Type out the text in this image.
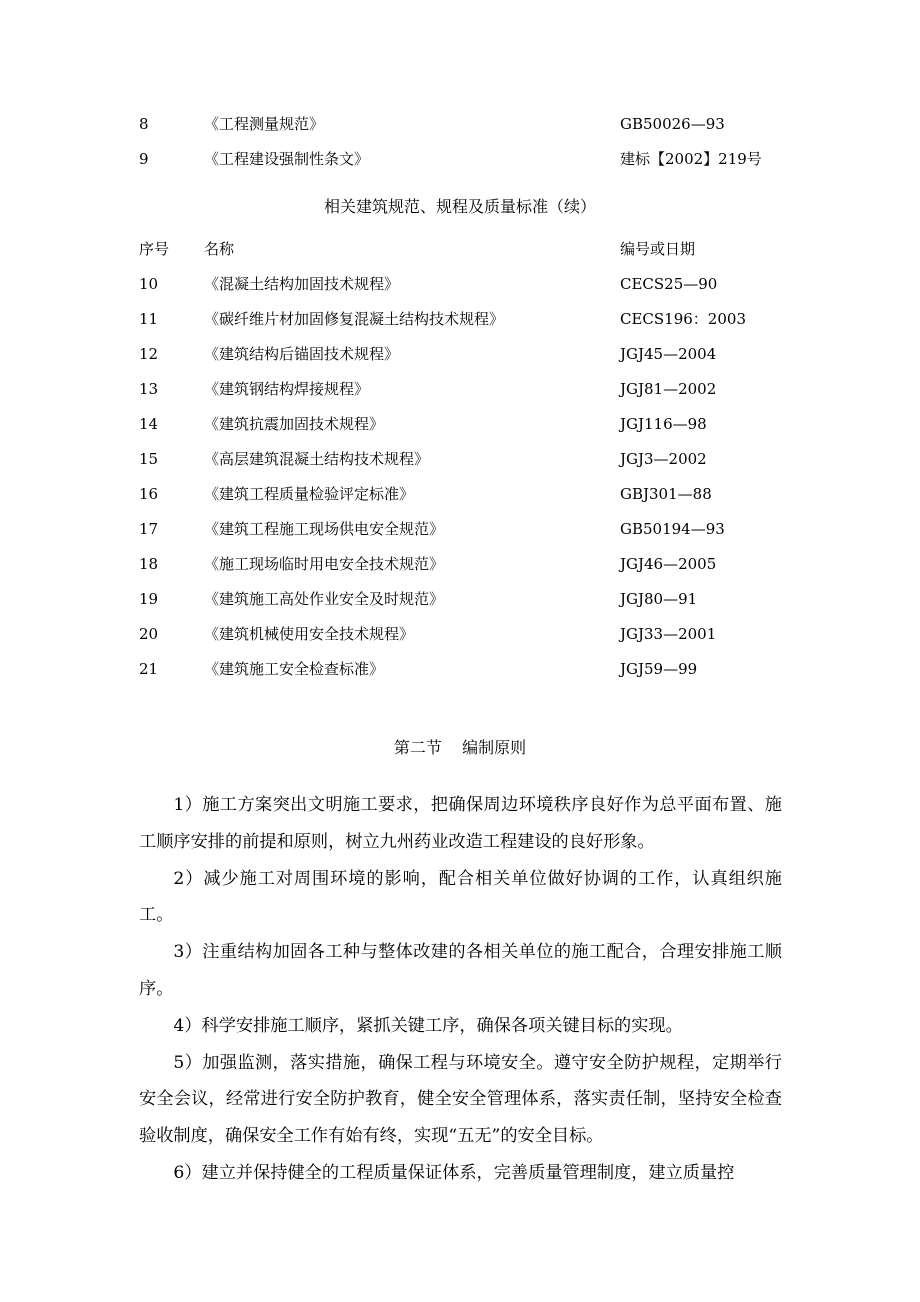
8	《工程测量规范》	GB50026—93
9	《工程建设强制性条文》	建标【2002】219号
相关建筑规范、规程及质量标准（续）
序号 名称	编号或日期
10	《混凝土结构加固技术规程》	CECS25—90
11	《碳纤维片材加固修复混凝土结构技术规程》	CECS196：2003
12	《建筑结构后锚固技术规程》	JGJ45—2004
13	《建筑钢结构焊接规程》	JGJ81—2002
14	《建筑抗震加固技术规程》	JGJ116—98
15	《高层建筑混凝土结构技术规程》	JGJ3—2002
16	《建筑工程质量检验评定标准》	GBJ301—88
17	《建筑工程施工现场供电安全规范》	GB50194—93
18	《施工现场临时用电安全技术规范》	JGJ46—2005
19	《建筑施工高处作业安全及时规范》	JGJ80—91
20	《建筑机械使用安全技术规程》	JGJ33—2001
21	《建筑施工安全检查标准》	JGJ59—99
第二节    编制原则

1）施工方案突出文明施工要求，把确保周边环境秩序良好作为总平面布置、施工顺序安排的前提和原则，树立九州药业改造工程建设的良好形象。

2）减少施工对周围环境的影响，配合相关单位做好协调的工作，认真组织施工。

3）注重结构加固各工种与整体改建的各相关单位的施工配合，合理安排施工顺序。

4）科学安排施工顺序，紧抓关键工序，确保各项关键目标的实现。

5）加强监测，落实措施，确保工程与环境安全。遵守安全防护规程，定期举行安全会议，经常进行安全防护教育，健全安全管理体系，落实责任制，坚持安全检查验收制度，确保安全工作有始有终，实现“五无”的安全目标。

6）建立并保持健全的工程质量保证体系，完善质量管理制度，建立质量控
